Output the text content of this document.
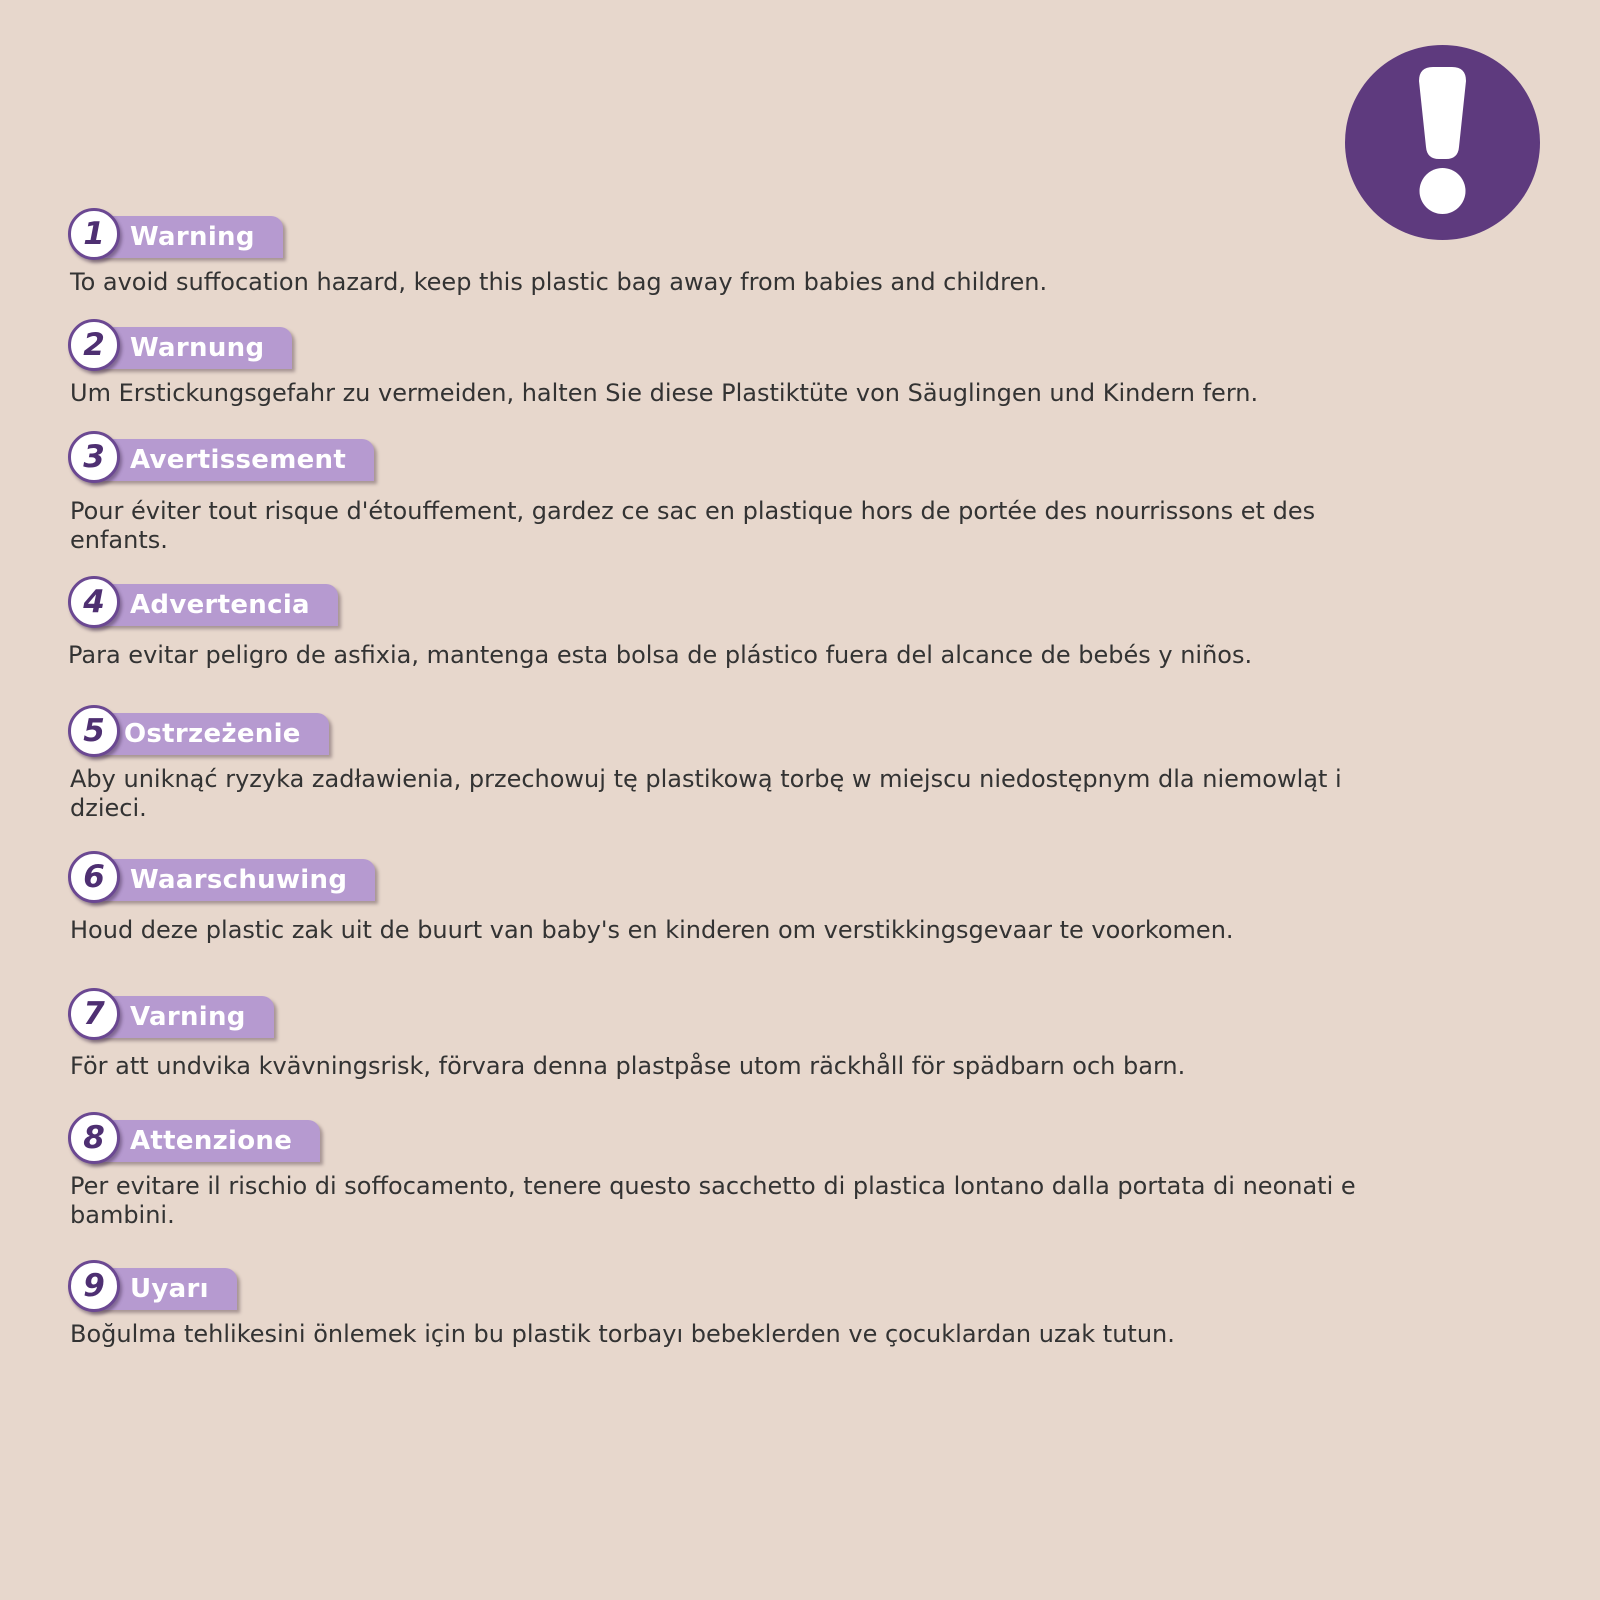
1 Warning
To avoid suffocation hazard, keep this plastic bag away from babies and children.
2 Warnung
Um Erstickungsgefahr zu vermeiden, halten Sie diese Plastiktüte von Säuglingen und Kindern fern.
3 Avertissement
Pour éviter tout risque d'étouffement, gardez ce sac en plastique hors de portée des nourrissons et des enfants.
4 Advertencia
Para evitar peligro de asfixia, mantenga esta bolsa de plástico fuera del alcance de bebés y niños.
5 Ostrzeżenie
Aby uniknąć ryzyka zadławienia, przechowuj tę plastikową torbę w miejscu niedostępnym dla niemowląt i dzieci.
6 Waarschuwing
Houd deze plastic zak uit de buurt van baby's en kinderen om verstikkingsgevaar te voorkomen.
7 Varning
För att undvika kvävningsrisk, förvara denna plastpåse utom räckhåll för spädbarn och barn.
8 Attenzione
Per evitare il rischio di soffocamento, tenere questo sacchetto di plastica lontano dalla portata di neonati e bambini.
9 Uyarı
Boğulma tehlikesini önlemek için bu plastik torbayı bebeklerden ve çocuklardan uzak tutun.
